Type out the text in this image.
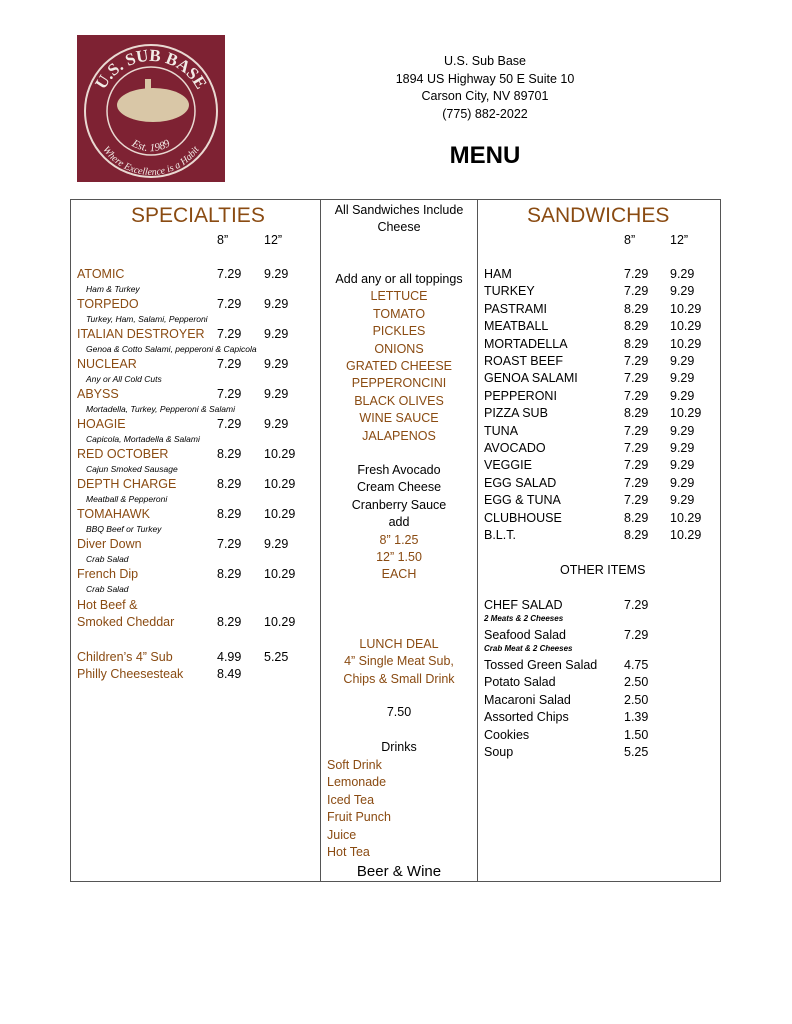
U.S. SUB BASE
Est. 1989
Where Excellence is a Habit
U.S. Sub Base
1894 US Highway 50 E Suite 10
Carson City, NV 89701
(775) 882-2022
MENU
SPECIALTIES
8”	12”
ATOMIC	7.29 9.29
Ham & Turkey
TORPEDO	7.29 9.29
Turkey, Ham, Salami, Pepperoni
ITALIAN DESTROYER 7.29 9.29
Genoa & Cotto Salami, pepperoni & Capicola
NUCLEAR	7.29 9.29
Any or All Cold Cuts
ABYSS	7.29 9.29
Mortadella, Turkey, Pepperoni & Salami
HOAGIE	7.29 9.29
Capicola, Mortadella & Salami
RED OCTOBER	8.29 10.29
Cajun Smoked Sausage
DEPTH CHARGE	8.29 10.29
Meatball & Pepperoni
TOMAHAWK	8.29 10.29
BBQ Beef or Turkey
Diver Down	7.29 9.29
Crab Salad
French Dip	8.29 10.29
Crab Salad
Hot Beef &
Smoked Cheddar	8.29 10.29
Children’s 4” Sub	4.99 5.25
Philly Cheesesteak	8.49
All Sandwiches Include
Cheese
Add any or all toppings
LETTUCE
TOMATO
PICKLES
ONIONS
GRATED CHEESE
PEPPERONCINI
BLACK OLIVES
WINE SAUCE
JALAPENOS
Fresh Avocado
Cream Cheese
Cranberry Sauce
add
8” 1.25
12” 1.50
EACH
LUNCH DEAL
4” Single Meat Sub,
Chips & Small Drink
7.50
Drinks
Soft Drink
Lemonade
Iced Tea
Fruit Punch
Juice
Hot Tea
Beer & Wine
SANDWICHES
8”	12”
HAM	7.29 9.29
TURKEY	7.29 9.29
PASTRAMI	8.29 10.29
MEATBALL	8.29 10.29
MORTADELLA	8.29 10.29
ROAST BEEF	7.29 9.29
GENOA SALAMI	7.29 9.29
PEPPERONI	7.29 9.29
PIZZA SUB	8.29 10.29
TUNA	7.29 9.29
AVOCADO	7.29 9.29
VEGGIE	7.29 9.29
EGG SALAD	7.29 9.29
EGG & TUNA	7.29 9.29
CLUBHOUSE	8.29 10.29
B.L.T.	8.29 10.29
OTHER ITEMS
CHEF SALAD	7.29
2 Meats & 2 Cheeses
Seafood Salad	7.29
Crab Meat & 2 Cheeses
Tossed Green Salad 4.75
Potato Salad	2.50
Macaroni Salad	2.50
Assorted Chips	1.39
Cookies	1.50
Soup	5.25
